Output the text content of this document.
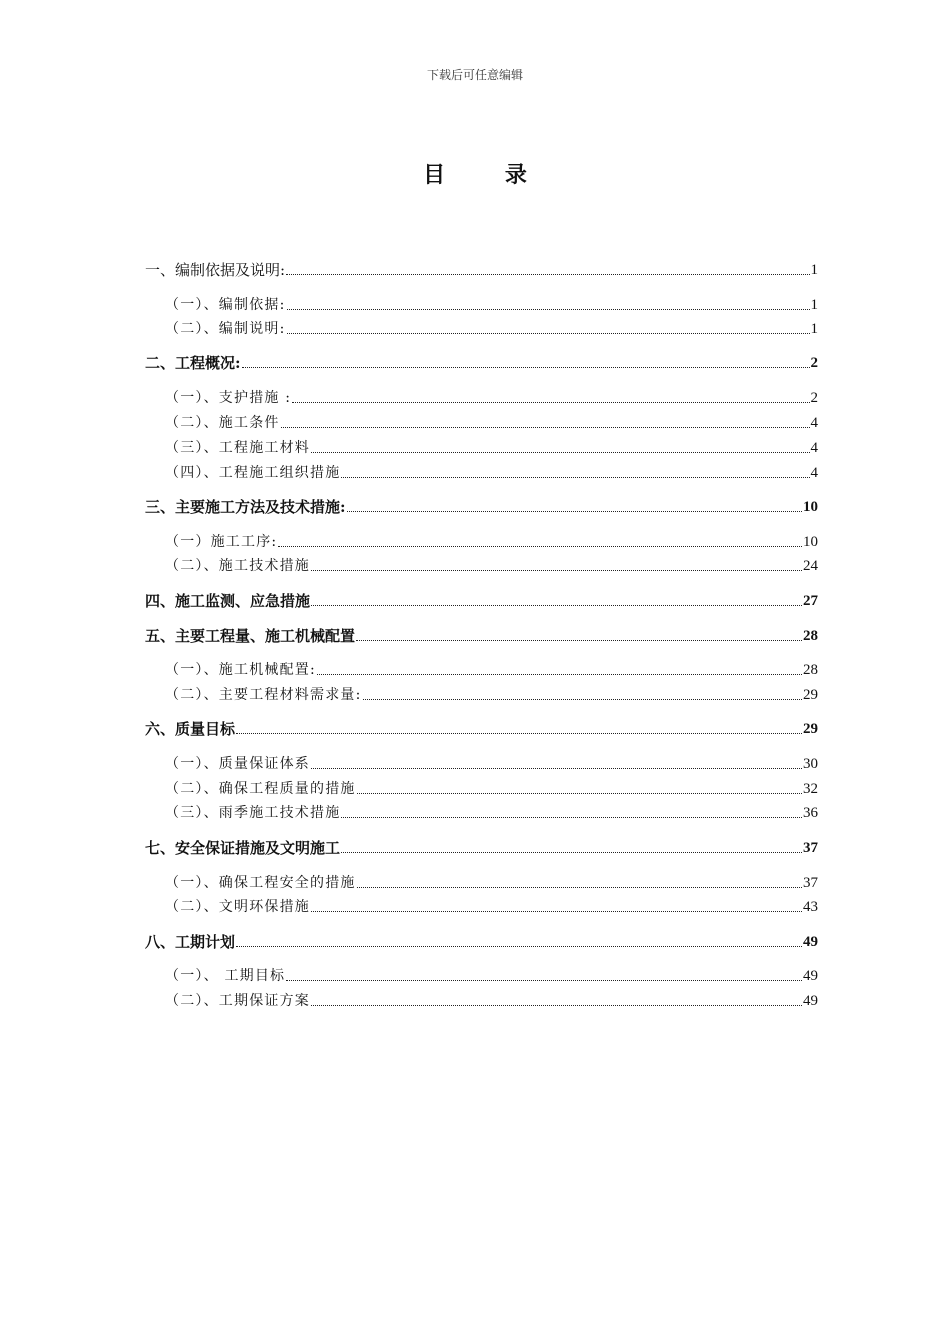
下载后可任意编辑
目 录
一、编制依据及说明:	1
（一）、编制依据:	1
（二）、编制说明:	1
二、工程概况:	2
（一）、支护措施 :	2
（二）、施工条件	4
（三）、工程施工材料	4
（四）、工程施工组织措施	4
三、主要施工方法及技术措施:	10
（一）施工工序:	10
（二）、施工技术措施	24
四、施工监测、应急措施	27
五、主要工程量、施工机械配置	28
（一）、施工机械配置:	28
（二）、主要工程材料需求量:	29
六、质量目标	29
（一）、质量保证体系	30
（二）、确保工程质量的措施	32
（三）、雨季施工技术措施	36
七、安全保证措施及文明施工	37
（一）、确保工程安全的措施	37
（二）、文明环保措施	43
八、工期计划	49
（一）、 工期目标	49
（二）、工期保证方案	49
